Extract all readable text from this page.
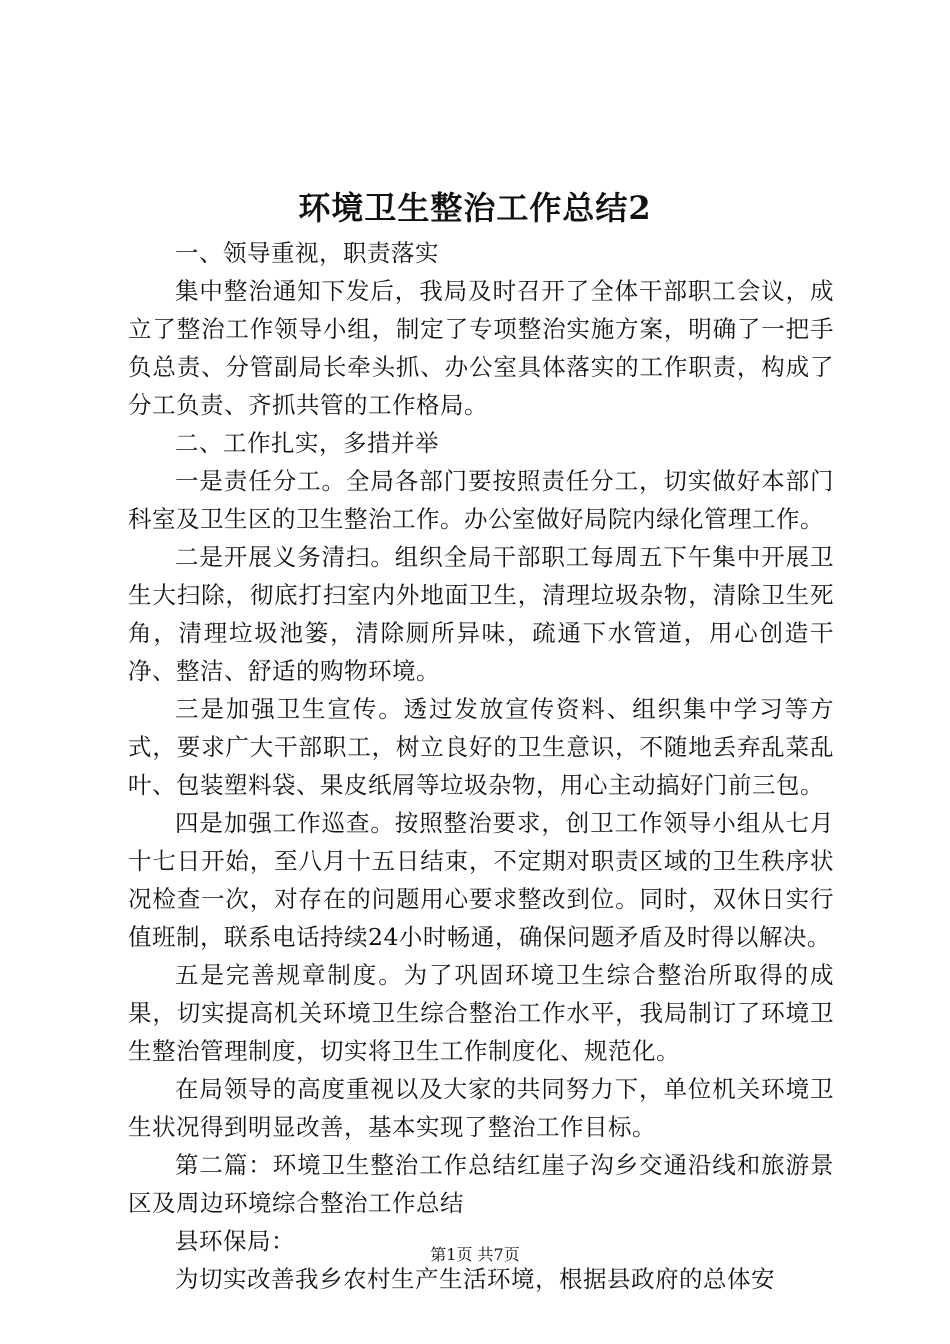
环境卫生整治工作总结2

一、领导重视，职责落实

集中整治通知下发后，我局及时召开了全体干部职工会议，成立了整治工作领导小组，制定了专项整治实施方案，明确了一把手负总责、分管副局长牵头抓、办公室具体落实的工作职责，构成了分工负责、齐抓共管的工作格局。

二、工作扎实，多措并举

一是责任分工。全局各部门要按照责任分工，切实做好本部门科室及卫生区的卫生整治工作。办公室做好局院内绿化管理工作。

二是开展义务清扫。组织全局干部职工每周五下午集中开展卫生大扫除，彻底打扫室内外地面卫生，清理垃圾杂物，清除卫生死角，清理垃圾池篓，清除厕所异味，疏通下水管道，用心创造干净、整洁、舒适的购物环境。

三是加强卫生宣传。透过发放宣传资料、组织集中学习等方式，要求广大干部职工，树立良好的卫生意识，不随地丢弃乱菜乱叶、包装塑料袋、果皮纸屑等垃圾杂物，用心主动搞好门前三包。

四是加强工作巡查。按照整治要求，创卫工作领导小组从七月十七日开始，至八月十五日结束，不定期对职责区域的卫生秩序状况检查一次，对存在的问题用心要求整改到位。同时，双休日实行值班制，联系电话持续24小时畅通，确保问题矛盾及时得以解决。

五是完善规章制度。为了巩固环境卫生综合整治所取得的成果，切实提高机关环境卫生综合整治工作水平，我局制订了环境卫生整治管理制度，切实将卫生工作制度化、规范化。

在局领导的高度重视以及大家的共同努力下，单位机关环境卫生状况得到明显改善，基本实现了整治工作目标。

第二篇：环境卫生整治工作总结红崖子沟乡交通沿线和旅游景区及周边环境综合整治工作总结

县环保局：

为切实改善我乡农村生产生活环境，根据县政府的总体安

第1页 共7页
